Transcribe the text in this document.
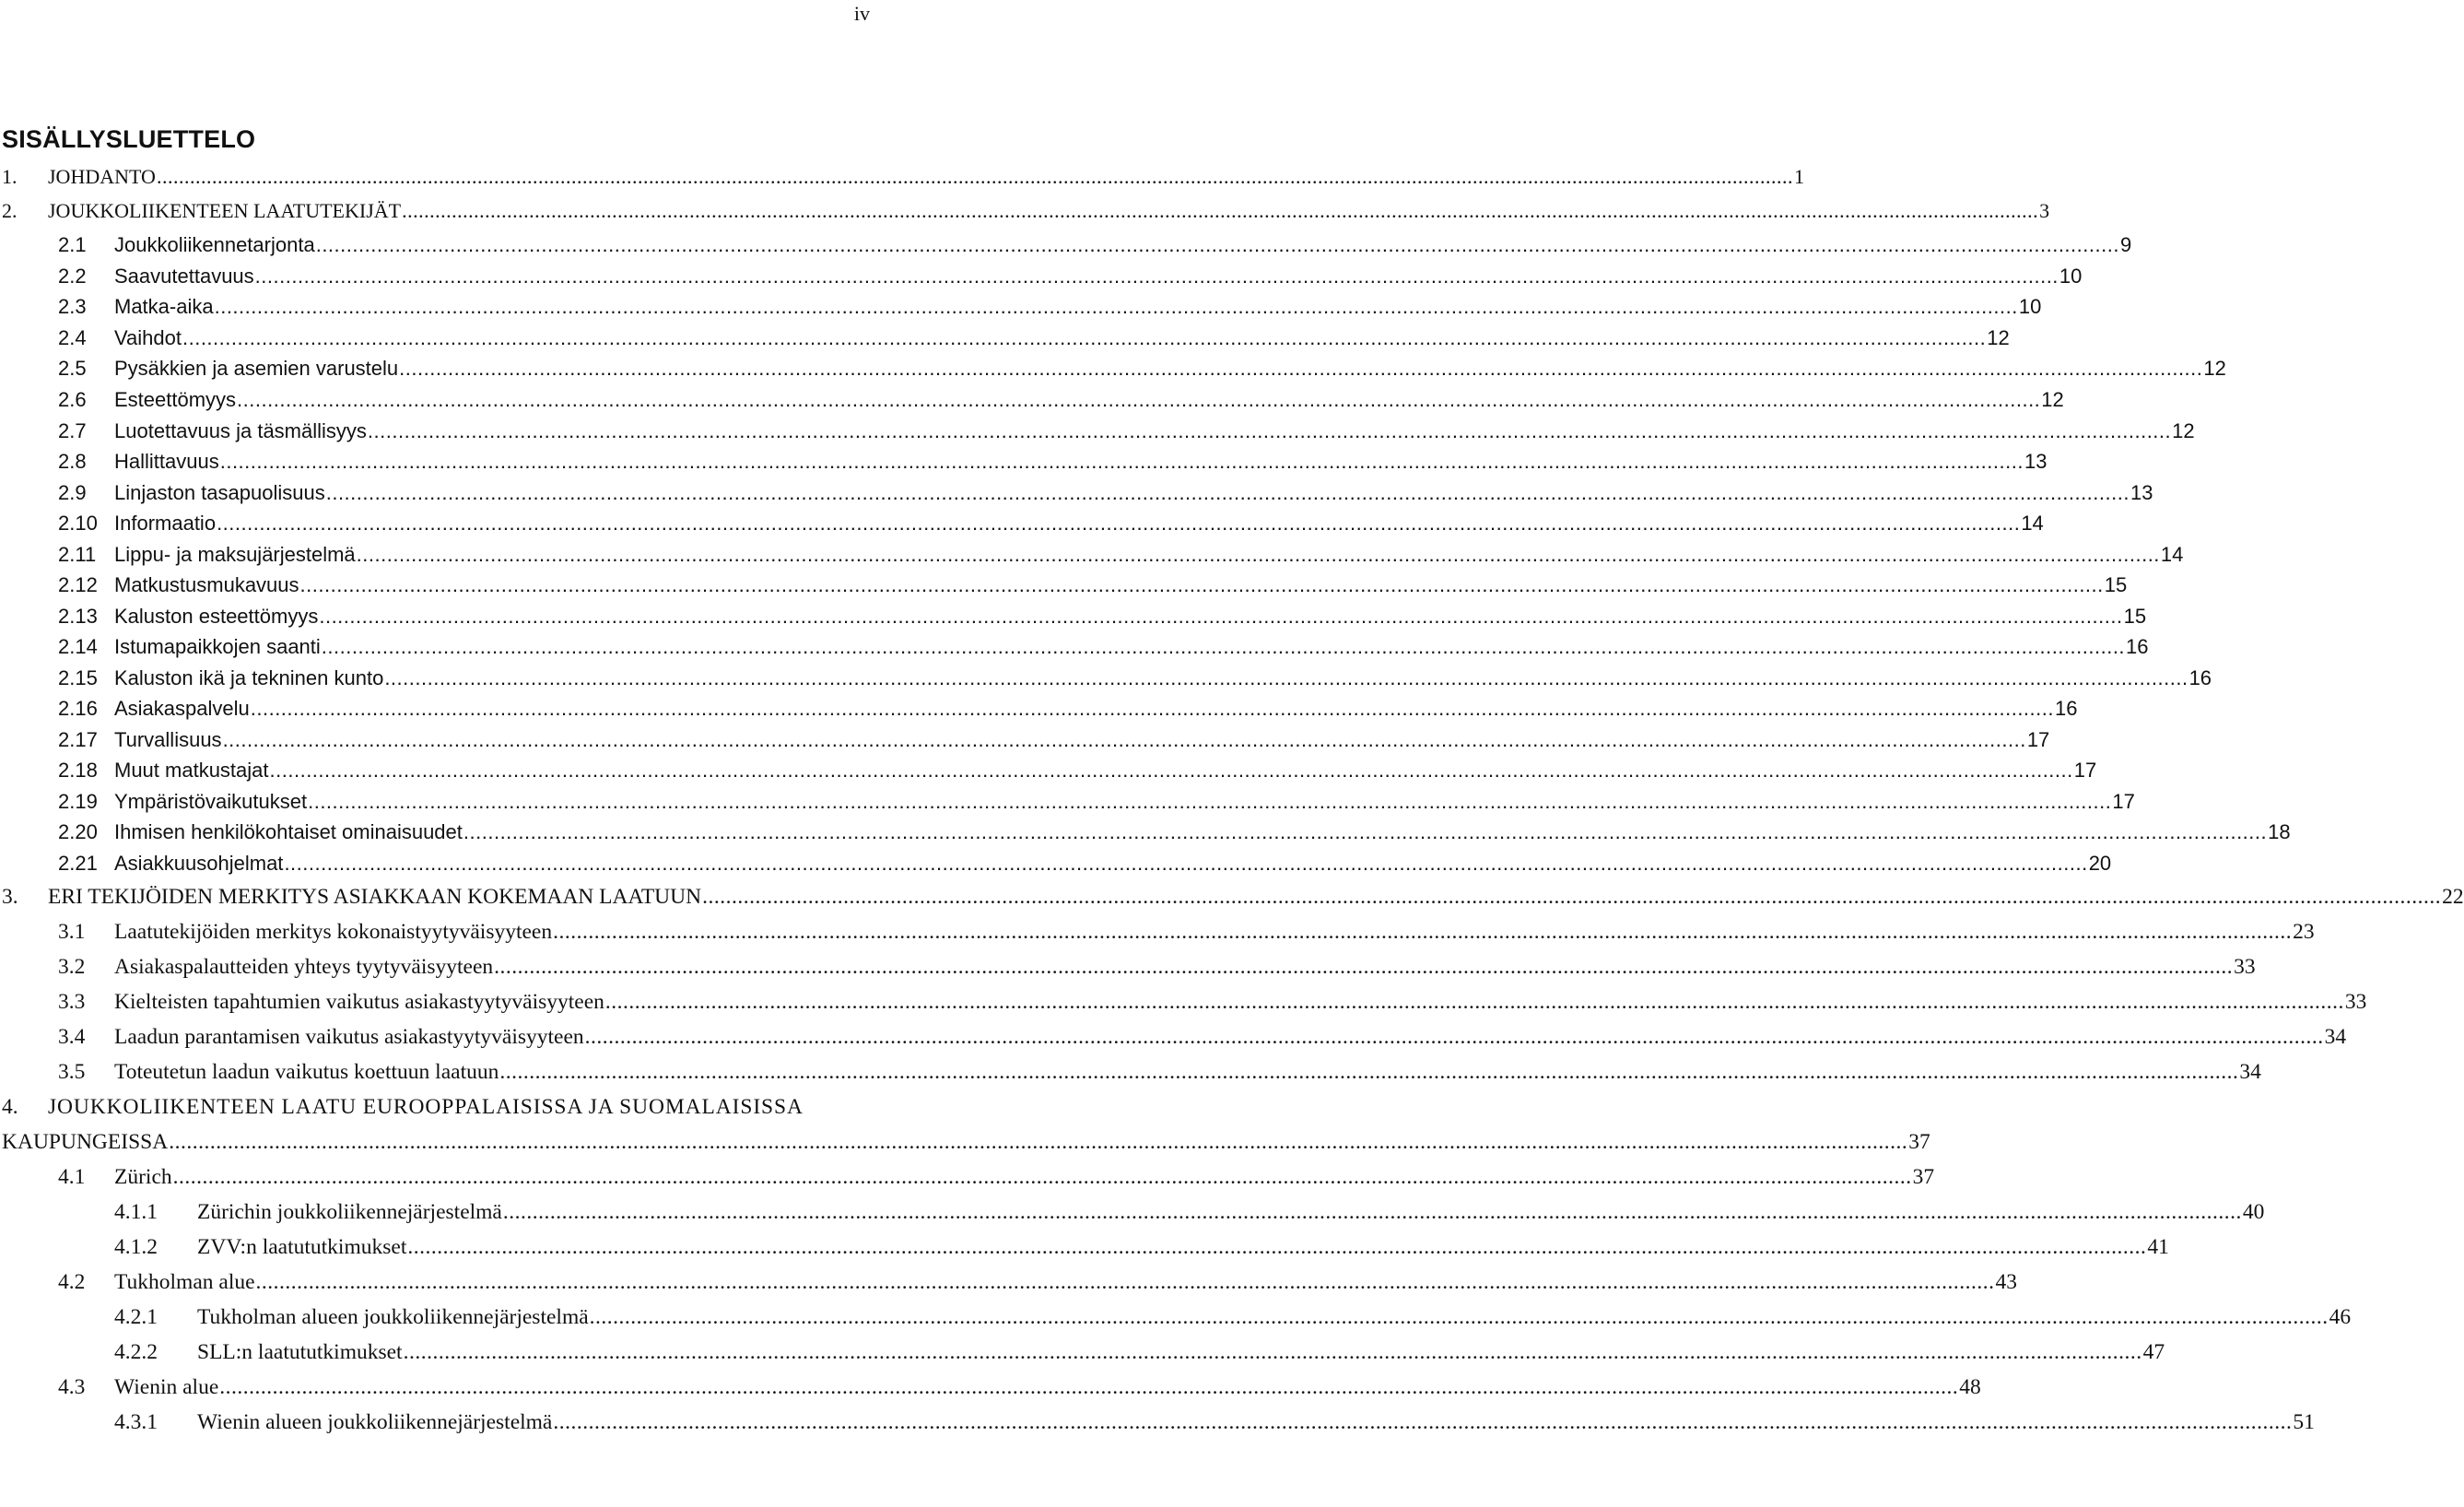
iv
SISÄLLYSLUETTELO
1. JOHDANTO ........................................................................................................................................................................................................................................................................................................ 1
2. JOUKKOLIIKENTEEN LAATUTEKIJÄT ........................................................................................................................................................................................................................................................................................................ 3
2.1 Joukkoliikennetarjonta ........................................................................................................................................................................................................................................................................................................ 9
2.2 Saavutettavuus ........................................................................................................................................................................................................................................................................................................ 10
2.3 Matka-aika ........................................................................................................................................................................................................................................................................................................ 10
2.4 Vaihdot ........................................................................................................................................................................................................................................................................................................ 12
2.5 Pysäkkien ja asemien varustelu ........................................................................................................................................................................................................................................................................................................ 12
2.6 Esteettömyys ........................................................................................................................................................................................................................................................................................................ 12
2.7 Luotettavuus ja täsmällisyys ........................................................................................................................................................................................................................................................................................................ 12
2.8 Hallittavuus ........................................................................................................................................................................................................................................................................................................ 13
2.9 Linjaston tasapuolisuus ........................................................................................................................................................................................................................................................................................................ 13
2.10 Informaatio ........................................................................................................................................................................................................................................................................................................ 14
2.11 Lippu- ja maksujärjestelmä ........................................................................................................................................................................................................................................................................................................ 14
2.12 Matkustusmukavuus ........................................................................................................................................................................................................................................................................................................ 15
2.13 Kaluston esteettömyys ........................................................................................................................................................................................................................................................................................................ 15
2.14 Istumapaikkojen saanti ........................................................................................................................................................................................................................................................................................................ 16
2.15 Kaluston ikä ja tekninen kunto ........................................................................................................................................................................................................................................................................................................ 16
2.16 Asiakaspalvelu ........................................................................................................................................................................................................................................................................................................ 16
2.17 Turvallisuus ........................................................................................................................................................................................................................................................................................................ 17
2.18 Muut matkustajat ........................................................................................................................................................................................................................................................................................................ 17
2.19 Ympäristövaikutukset ........................................................................................................................................................................................................................................................................................................ 17
2.20 Ihmisen henkilökohtaiset ominaisuudet ........................................................................................................................................................................................................................................................................................................ 18
2.21 Asiakkuusohjelmat ........................................................................................................................................................................................................................................................................................................ 20
3. ERI TEKIJÖIDEN MERKITYS ASIAKKAAN KOKEMAAN LAATUUN ........................................................................................................................................................................................................................................................................................................ 22
3.1 Laatutekijöiden merkitys kokonaistyytyväisyyteen ........................................................................................................................................................................................................................................................................................................ 23
3.2 Asiakaspalautteiden yhteys tyytyväisyyteen ........................................................................................................................................................................................................................................................................................................ 33
3.3 Kielteisten tapahtumien vaikutus asiakastyytyväisyyteen ........................................................................................................................................................................................................................................................................................................ 33
3.4 Laadun parantamisen vaikutus asiakastyytyväisyyteen ........................................................................................................................................................................................................................................................................................................ 34
3.5 Toteutetun laadun vaikutus koettuun laatuun ........................................................................................................................................................................................................................................................................................................ 34
4. JOUKKOLIIKENTEEN LAATU EUROOPPALAISISSA JA SUOMALAISISSA
KAUPUNGEISSA ........................................................................................................................................................................................................................................................................................................ 37
4.1 Zürich ........................................................................................................................................................................................................................................................................................................ 37
4.1.1 Zürichin joukkoliikennejärjestelmä ........................................................................................................................................................................................................................................................................................................ 40
4.1.2 ZVV:n laatututkimukset ........................................................................................................................................................................................................................................................................................................ 41
4.2 Tukholman alue ........................................................................................................................................................................................................................................................................................................ 43
4.2.1 Tukholman alueen joukkoliikennejärjestelmä ........................................................................................................................................................................................................................................................................................................ 46
4.2.2 SLL:n laatututkimukset ........................................................................................................................................................................................................................................................................................................ 47
4.3 Wienin alue ........................................................................................................................................................................................................................................................................................................ 48
4.3.1 Wienin alueen joukkoliikennejärjestelmä ........................................................................................................................................................................................................................................................................................................ 51
